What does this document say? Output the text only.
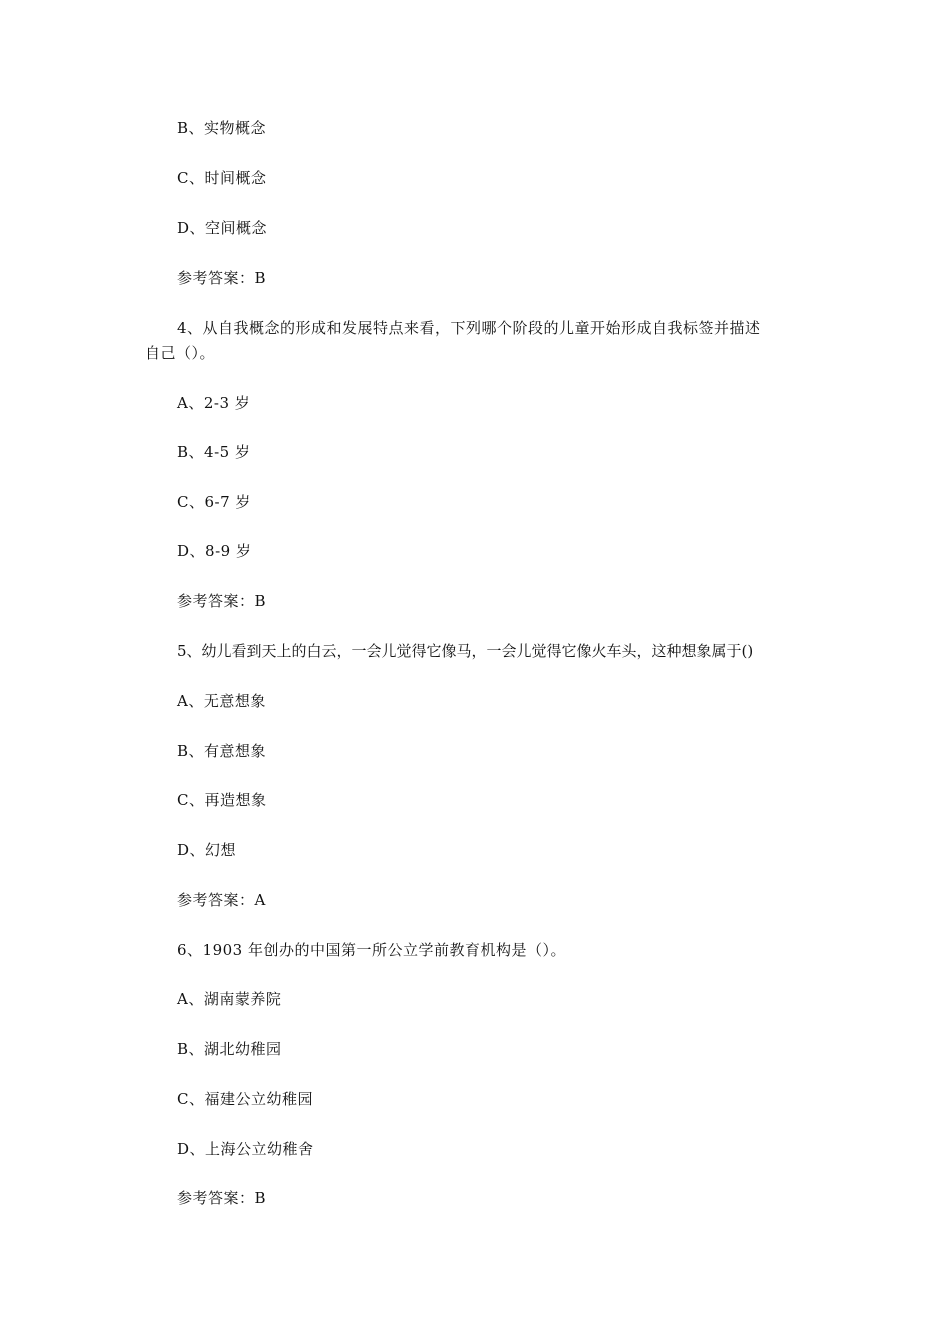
B、实物概念
C、时间概念
D、空间概念
参考答案：B
4、从自我概念的形成和发展特点来看，下列哪个阶段的儿童开始形成自我标签并描述
自己（）。
A、2-3 岁
B、4-5 岁
C、6-7 岁
D、8-9 岁
参考答案：B
5、幼儿看到天上的白云，一会儿觉得它像马，一会儿觉得它像火车头，这种想象属于()
A、无意想象
B、有意想象
C、再造想象
D、幻想
参考答案：A
6、1903 年创办的中国第一所公立学前教育机构是（）。
A、湖南蒙养院
B、湖北幼稚园
C、福建公立幼稚园
D、上海公立幼稚舍
参考答案：B
